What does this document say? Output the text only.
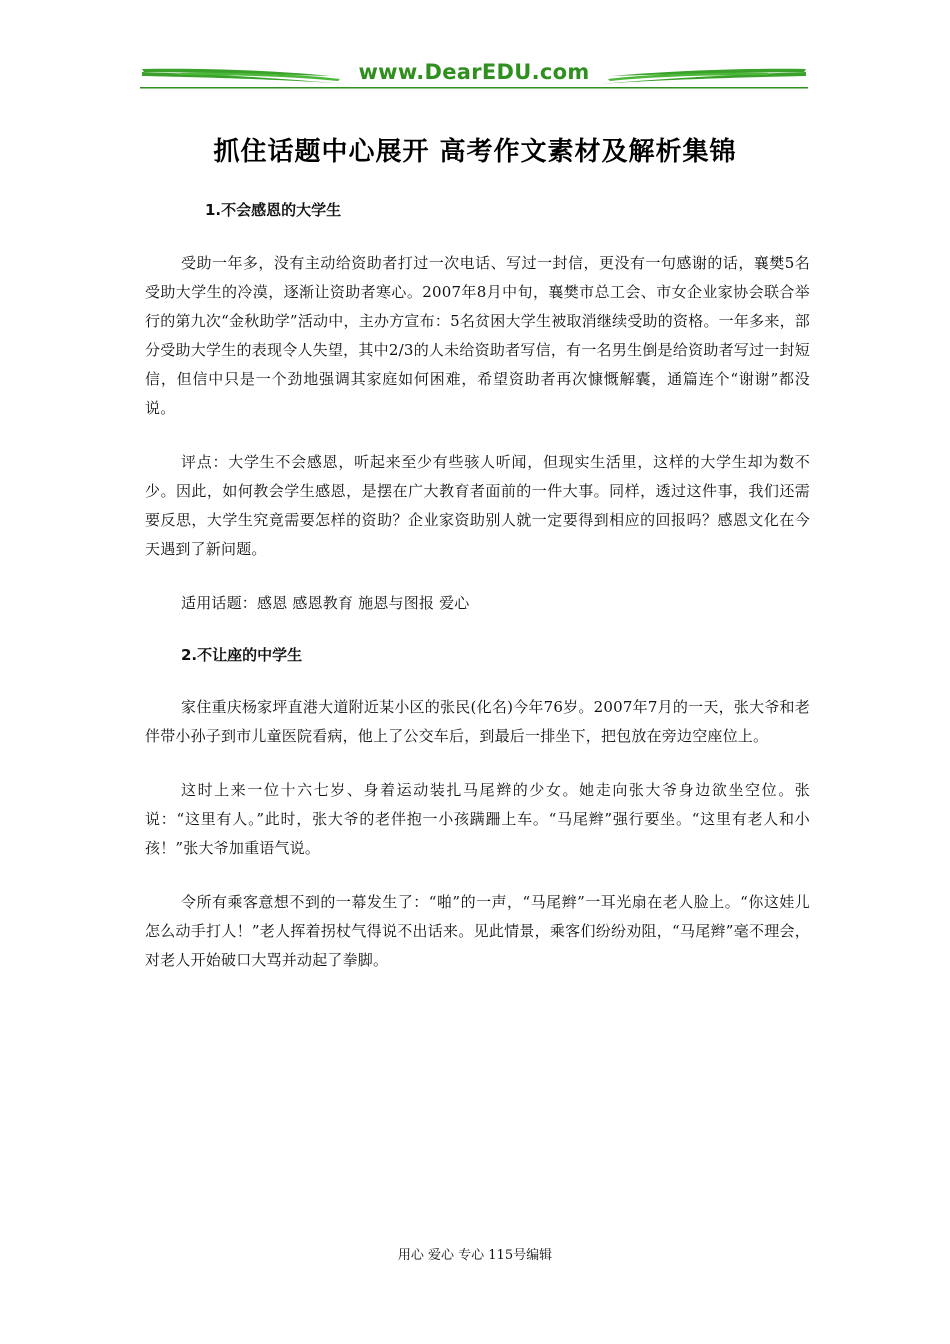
www.DearEDU.com
抓住话题中心展开 高考作文素材及解析集锦
1.不会感恩的大学生

受助一年多，没有主动给资助者打过一次电话、写过一封信，更没有一句感谢的话，襄樊5名受助大学生的冷漠，逐渐让资助者寒心。2007年8月中旬，襄樊市总工会、市女企业家协会联合举行的第九次“金秋助学”活动中，主办方宣布：5名贫困大学生被取消继续受助的资格。一年多来，部分受助大学生的表现令人失望，其中2/3的人未给资助者写信，有一名男生倒是给资助者写过一封短信，但信中只是一个劲地强调其家庭如何困难，希望资助者再次慷慨解囊，通篇连个“谢谢”都没说。

评点：大学生不会感恩，听起来至少有些骇人听闻，但现实生活里，这样的大学生却为数不少。因此，如何教会学生感恩，是摆在广大教育者面前的一件大事。同样，透过这件事，我们还需要反思，大学生究竟需要怎样的资助？企业家资助别人就一定要得到相应的回报吗？感恩文化在今天遇到了新问题。

适用话题：感恩 感恩教育 施恩与图报 爱心

2.不让座的中学生

家住重庆杨家坪直港大道附近某小区的张民(化名)今年76岁。2007年7月的一天，张大爷和老伴带小孙子到市儿童医院看病，他上了公交车后，到最后一排坐下，把包放在旁边空座位上。

这时上来一位十六七岁、身着运动装扎马尾辫的少女。她走向张大爷身边欲坐空位。张说：“这里有人。”此时，张大爷的老伴抱一小孩蹒跚上车。“马尾辫”强行要坐。“这里有老人和小孩！”张大爷加重语气说。

令所有乘客意想不到的一幕发生了：“啪”的一声，“马尾辫”一耳光扇在老人脸上。“你这娃儿怎么动手打人！”老人挥着拐杖气得说不出话来。见此情景，乘客们纷纷劝阻，“马尾辫”毫不理会，对老人开始破口大骂并动起了拳脚。

用心 爱心 专心 115号编辑
